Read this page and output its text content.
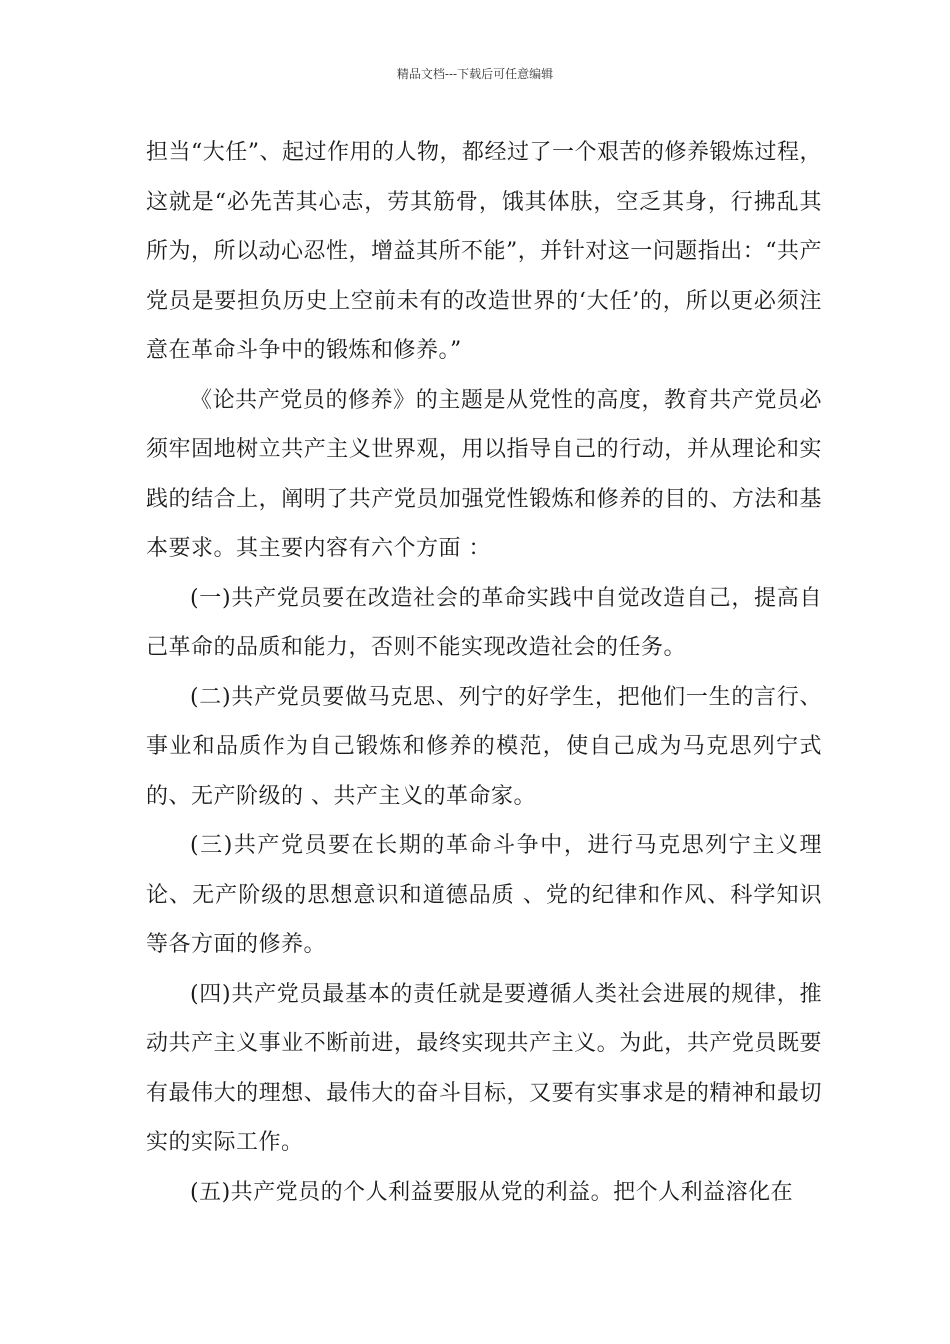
精品文档---下载后可任意编辑

担当“大任”、起过作用的人物，都经过了一个艰苦的修养锻炼过程，这就是“必先苦其心志，劳其筋骨，饿其体肤，空乏其身，行拂乱其所为，所以动心忍性，增益其所不能”，并针对这一问题指出：“共产党员是要担负历史上空前未有的改造世界的‘大任’的，所以更必须注意在革命斗争中的锻炼和修养。”

《论共产党员的修养》的主题是从党性的高度，教育共产党员必须牢固地树立共产主义世界观，用以指导自己的行动，并从理论和实践的结合上，阐明了共产党员加强党性锻炼和修养的目的、方法和基本要求。其主要内容有六个方面 ：

(一)共产党员要在改造社会的革命实践中自觉改造自己，提高自己革命的品质和能力，否则不能实现改造社会的任务。

(二)共产党员要做马克思、列宁的好学生，把他们一生的言行、事业和品质作为自己锻炼和修养的模范，使自己成为马克思列宁式的、无产阶级的 、共产主义的革命家。

(三)共产党员要在长期的革命斗争中，进行马克思列宁主义理论、无产阶级的思想意识和道德品质 、党的纪律和作风、科学知识等各方面的修养。

(四)共产党员最基本的责任就是要遵循人类社会进展的规律，推动共产主义事业不断前进，最终实现共产主义。为此，共产党员既要有最伟大的理想、最伟大的奋斗目标，又要有实事求是的精神和最切实的实际工作。

(五)共产党员的个人利益要服从党的利益。把个人利益溶化在
